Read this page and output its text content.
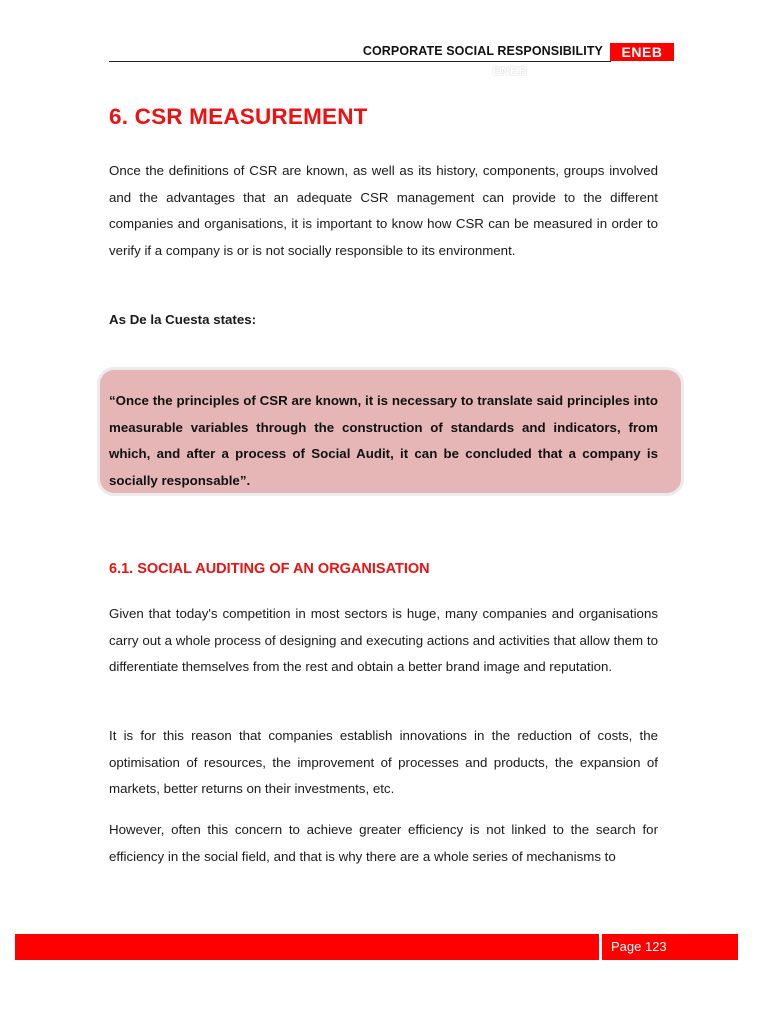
CORPORATE SOCIAL RESPONSIBILITY	ENEB
ENEB
6. CSR MEASUREMENT

Once the definitions of CSR are known, as well as its history, components, groups involved and the advantages that an adequate CSR management can provide to the different companies and organisations, it is important to know how CSR can be measured in order to verify if a company is or is not socially responsible to its environment.

As De la Cuesta states:

“Once the principles of CSR are known, it is necessary to translate said principles into measurable variables through the construction of standards and indicators, from which, and after a process of Social Audit, it can be concluded that a company is socially responsable”.

6.1. SOCIAL AUDITING OF AN ORGANISATION

Given that today's competition in most sectors is huge, many companies and organisations carry out a whole process of designing and executing actions and activities that allow them to differentiate themselves from the rest and obtain a better brand image and reputation.

It is for this reason that companies establish innovations in the reduction of costs, the optimisation of resources, the improvement of processes and products, the expansion of markets, better returns on their investments, etc.

However, often this concern to achieve greater efficiency is not linked to the search for efficiency in the social field, and that is why there are a whole series of mechanisms to

Page 123
